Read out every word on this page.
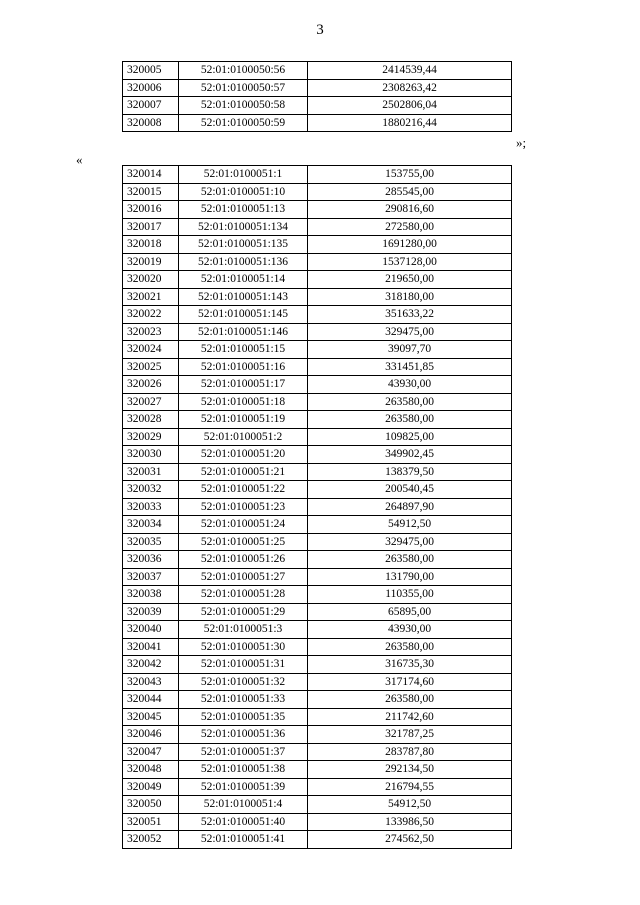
3
320005	52:01:0100050:56	2414539,44
320006	52:01:0100050:57	2308263,42
320007	52:01:0100050:58	2502806,04
320008	52:01:0100050:59	1880216,44
»;
«
320014	52:01:0100051:1	153755,00
320015	52:01:0100051:10	285545,00
320016	52:01:0100051:13	290816,60
320017	52:01:0100051:134	272580,00
320018	52:01:0100051:135	1691280,00
320019	52:01:0100051:136	1537128,00
320020	52:01:0100051:14	219650,00
320021	52:01:0100051:143	318180,00
320022	52:01:0100051:145	351633,22
320023	52:01:0100051:146	329475,00
320024	52:01:0100051:15	39097,70
320025	52:01:0100051:16	331451,85
320026	52:01:0100051:17	43930,00
320027	52:01:0100051:18	263580,00
320028	52:01:0100051:19	263580,00
320029	52:01:0100051:2	109825,00
320030	52:01:0100051:20	349902,45
320031	52:01:0100051:21	138379,50
320032	52:01:0100051:22	200540,45
320033	52:01:0100051:23	264897,90
320034	52:01:0100051:24	54912,50
320035	52:01:0100051:25	329475,00
320036	52:01:0100051:26	263580,00
320037	52:01:0100051:27	131790,00
320038	52:01:0100051:28	110355,00
320039	52:01:0100051:29	65895,00
320040	52:01:0100051:3	43930,00
320041	52:01:0100051:30	263580,00
320042	52:01:0100051:31	316735,30
320043	52:01:0100051:32	317174,60
320044	52:01:0100051:33	263580,00
320045	52:01:0100051:35	211742,60
320046	52:01:0100051:36	321787,25
320047	52:01:0100051:37	283787,80
320048	52:01:0100051:38	292134,50
320049	52:01:0100051:39	216794,55
320050	52:01:0100051:4	54912,50
320051	52:01:0100051:40	133986,50
320052	52:01:0100051:41	274562,50
